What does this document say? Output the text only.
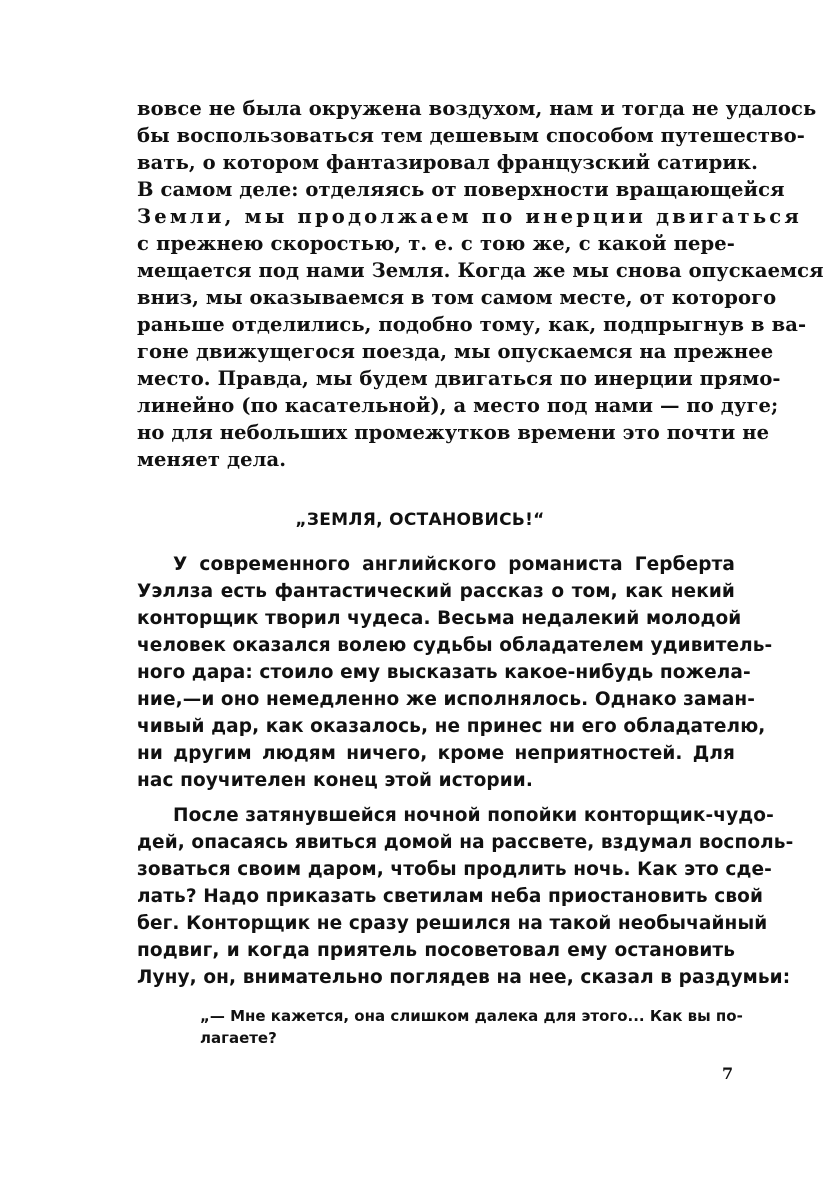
вовсе не была окружена воздухом, нам и тогда не удалось
бы воспользоваться тем дешевым способом путешество-
вать, о котором фантазировал французский сатирик.
В самом деле: отделяясь от поверхности вращающейся
Земли, мы продолжаем по инерции двигаться
с прежнею скоростью, т. е. с тою же, с какой пере-
мещается под нами Земля. Когда же мы снова опускаемся
вниз, мы оказываемся в том самом месте, от которого
раньше отделились, подобно тому, как, подпрыгнув в ва-
гоне движущегося поезда, мы опускаемся на прежнее
место. Правда, мы будем двигаться по инерции прямо-
линейно (по касательной), а место под нами — по дуге;
но для небольших промежутков времени это почти не
меняет дела.
„ЗЕМЛЯ, ОСТАНОВИСЬ!“
У современного английского романиста Герберта
Уэллза есть фантастический рассказ о том, как некий
конторщик творил чудеса. Весьма недалекий молодой
человек оказался волею судьбы обладателем удивитель-
ного дара: стоило ему высказать какое-нибудь пожела-
ние,—и оно немедленно же исполнялось. Однако заман-
чивый дар, как оказалось, не принес ни его обладателю,
ни другим людям ничего, кроме неприятностей. Для
нас поучителен конец этой истории.
После затянувшейся ночной попойки конторщик-чудо-
дей, опасаясь явиться домой на рассвете, вздумал восполь-
зоваться своим даром, чтобы продлить ночь. Как это сде-
лать? Надо приказать светилам неба приостановить свой
бег. Конторщик не сразу решился на такой необычайный
подвиг, и когда приятель посоветовал ему остановить
Луну, он, внимательно поглядев на нее, сказал в раздумьи:
„— Мне кажется, она слишком далека для этого... Как вы по-
лагаете?
7
